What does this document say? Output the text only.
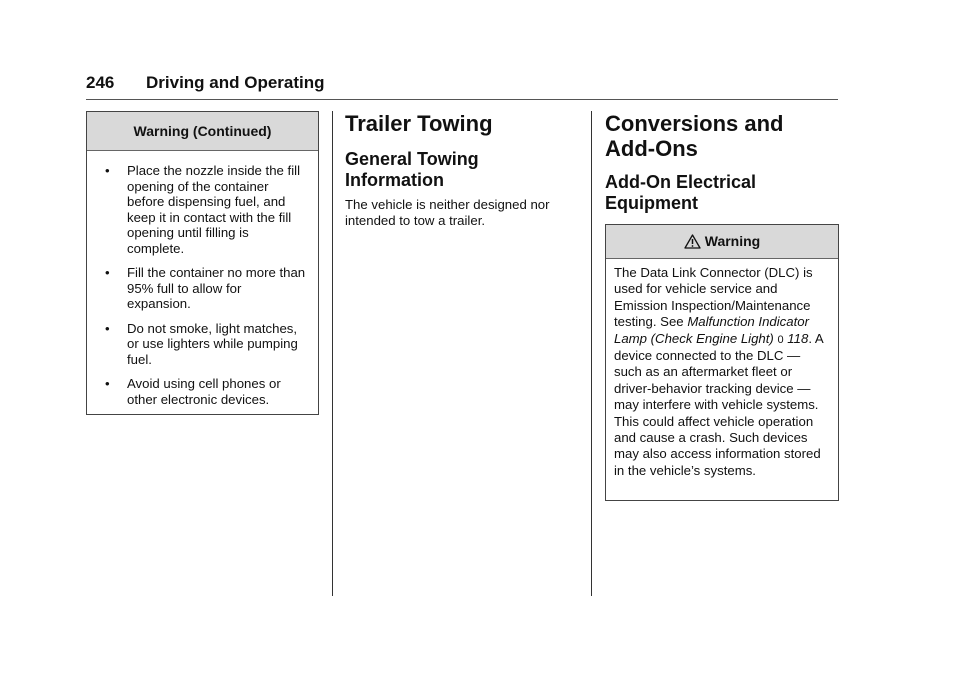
246 Driving and Operating
Warning (Continued)
• Place the nozzle inside the fill opening of the container before dispensing fuel, and keep it in contact with the fill opening until filling is complete.
• Fill the container no more than 95% full to allow for expansion.
• Do not smoke, light matches, or use lighters while pumping fuel.
• Avoid using cell phones or other electronic devices.
Trailer Towing
General Towing Information
The vehicle is neither designed nor intended to tow a trailer.
Conversions and Add-Ons
Add-On Electrical Equipment
Warning
The Data Link Connector (DLC) is used for vehicle service and Emission Inspection/Maintenance testing. See Malfunction Indicator Lamp (Check Engine Light) 0 118. A device connected to the DLC — such as an aftermarket fleet or driver-behavior tracking device — may interfere with vehicle systems. This could affect vehicle operation and cause a crash. Such devices may also access information stored in the vehicle’s systems.
